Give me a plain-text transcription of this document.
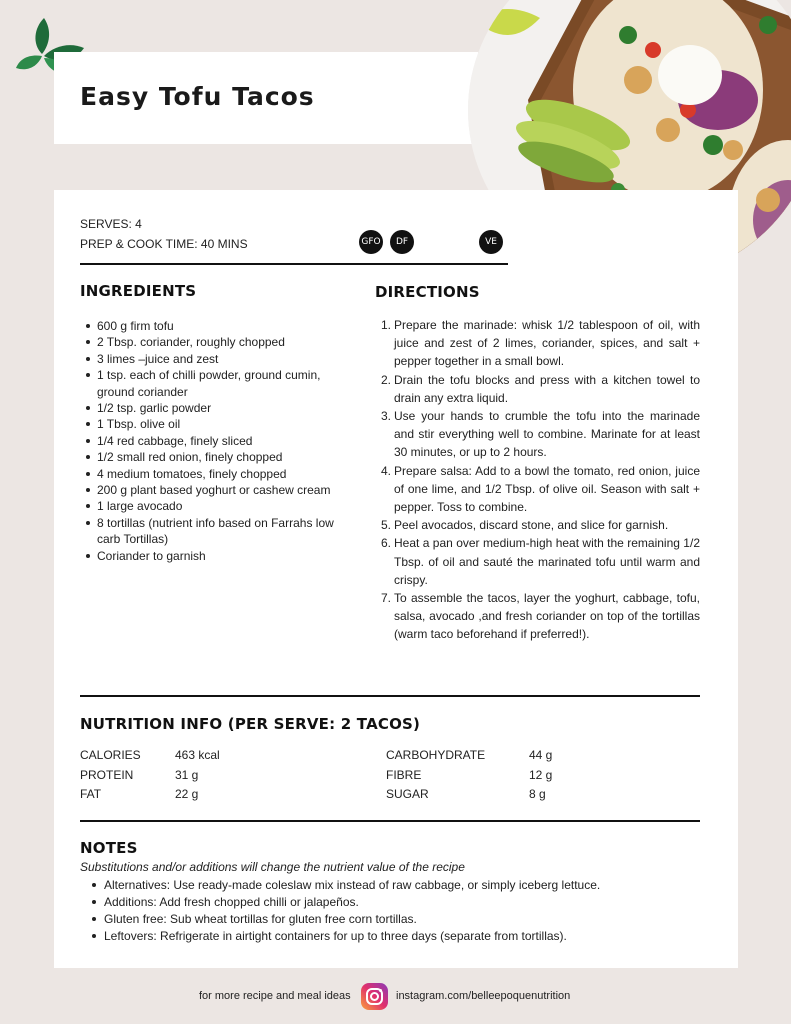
Easy Tofu Tacos
SERVES: 4
PREP & COOK TIME: 40 MINS	GFO	DF	VE
INGREDIENTS
600 g firm tofu
2 Tbsp. coriander, roughly chopped
3 limes –juice and zest
1 tsp. each of chilli powder, ground cumin, ground coriander
1/2 tsp. garlic powder
1 Tbsp. olive oil
1/4 red cabbage, finely sliced
1/2 small red onion, finely chopped
4 medium tomatoes, finely chopped
200 g plant based yoghurt or cashew cream
1 large avocado
8 tortillas (nutrient info based on Farrahs low carb Tortillas)
Coriander to garnish
DIRECTIONS
1. Prepare the marinade: whisk 1/2 tablespoon of oil, with juice and zest of 2 limes, coriander, spices, and salt + pepper together in a small bowl.
2. Drain the tofu blocks and press with a kitchen towel to drain any extra liquid.
3. Use your hands to crumble the tofu into the marinade and stir everything well to combine. Marinate for at least 30 minutes, or up to 2 hours.
4. Prepare salsa: Add to a bowl the tomato, red onion, juice of one lime, and 1/2 Tbsp. of olive oil. Season with salt + pepper. Toss to combine.
5. Peel avocados, discard stone, and slice for garnish.
6. Heat a pan over medium-high heat with the remaining 1/2 Tbsp. of oil and sauté the marinated tofu until warm and crispy.
7. To assemble the tacos, layer the yoghurt, cabbage, tofu, salsa, avocado ,and fresh coriander on top of the tortillas (warm taco beforehand if preferred!).
NUTRITION INFO (PER SERVE: 2 TACOS)
CALORIES	463 kcal	CARBOHYDRATE	44 g
PROTEIN	31 g	FIBRE	12 g
FAT	22 g	SUGAR	8 g
NOTES
Substitutions and/or additions will change the nutrient value of the recipe
Alternatives: Use ready-made coleslaw mix instead of raw cabbage, or simply iceberg lettuce.
Additions: Add fresh chopped chilli or jalapeños.
Gluten free: Sub wheat tortillas for gluten free corn tortillas.
Leftovers: Refrigerate in airtight containers for up to three days (separate from tortillas).
for more recipe and meal ideas	instagram.com/belleepoquenutrition
